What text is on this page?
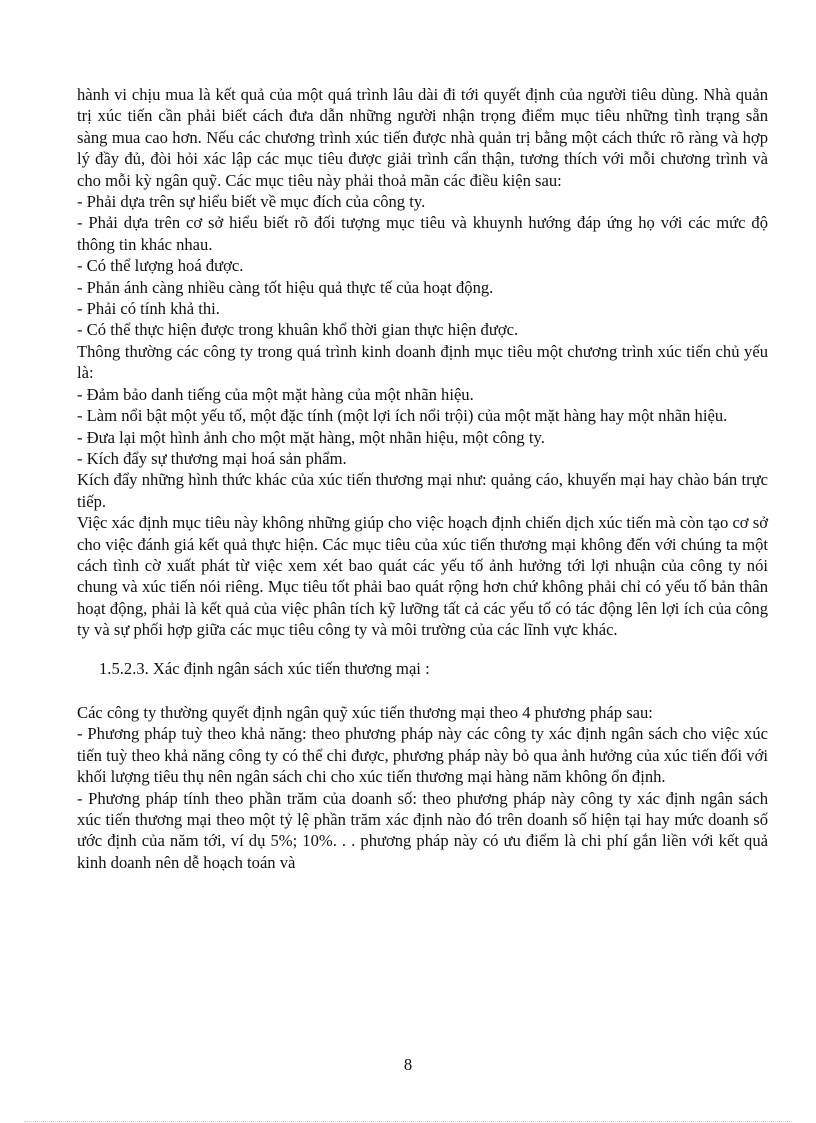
hành vi chịu mua là kết quả của một quá trình lâu dài đi tới quyết định của người tiêu dùng. Nhà quản trị xúc tiến cần phải biết cách đưa dẫn những người nhận trọng điểm mục tiêu những tình trạng sẵn sàng mua cao hơn. Nếu các chương trình xúc tiến được nhà quản trị bằng một cách thức rõ ràng và hợp lý đầy đủ, đòi hỏi xác lập các mục tiêu được giải trình cẩn thận, tương thích với mỗi chương trình và cho mỗi kỳ ngân quỹ. Các mục tiêu này phải thoả mãn các điều kiện sau:

- Phải dựa trên sự hiểu biết về mục đích của công ty.

- Phải dựa trên cơ sở hiểu biết rõ đối tượng mục tiêu và khuynh hướng đáp ứng họ với các mức độ thông tin khác nhau.

- Có thể lượng hoá được.

- Phản ánh càng nhiều càng tốt hiệu quả thực tế của hoạt động.

- Phải có tính khả thi.

- Có thể thực hiện được trong khuân khổ thời gian thực hiện được.

Thông thường các công ty trong quá trình kinh doanh định mục tiêu một chương trình xúc tiến chủ yếu là:

- Đảm bảo danh tiếng của một mặt hàng của một nhãn hiệu.

- Làm nổi bật một yếu tố, một đặc tính (một lợi ích nổi trội) của một mặt hàng hay một nhãn hiệu.

- Đưa lại một hình ảnh cho một mặt hàng, một nhãn hiệu, một công ty.

- Kích đẩy sự thương mại hoá sản phẩm.

Kích đẩy những hình thức khác của xúc tiến thương mại như: quảng cáo, khuyến mại hay chào bán trực tiếp.

Việc xác định mục tiêu này không những giúp cho việc hoạch định chiến dịch xúc tiến mà còn tạo cơ sở cho việc đánh giá kết quả thực hiện. Các mục tiêu của xúc tiến thương mại không đến với chúng ta một cách tình cờ xuất phát từ việc xem xét bao quát các yếu tố ảnh hưởng tới lợi nhuận của công ty nói chung và xúc tiến nói riêng. Mục tiêu tốt phải bao quát rộng hơn chứ không phải chỉ có yếu tố bản thân hoạt động, phải là kết quả của việc phân tích kỹ lưỡng tất cả các yếu tố có tác động lên lợi ích của công ty và sự phối hợp giữa các mục tiêu công ty và môi trường của các lĩnh vực khác.

1.5.2.3. Xác định ngân sách xúc tiến thương mại :

Các công ty thường quyết định ngân quỹ xúc tiến thương mại theo 4 phương pháp sau:

- Phương pháp tuỳ theo khả năng: theo phương pháp này các công ty xác định ngân sách cho việc xúc tiến tuỳ theo khả năng công ty có thể chi được, phương pháp này bỏ qua ảnh hưởng của xúc tiến đối với khối lượng tiêu thụ nên ngân sách chi cho xúc tiến thương mại hàng năm không ổn định.

- Phương pháp tính theo phần trăm của doanh số: theo phương pháp này công ty xác định ngân sách xúc tiến thương mại theo một tỷ lệ phần trăm xác định nào đó trên doanh số hiện tại hay mức doanh số ước định của năm tới, ví dụ 5%; 10%. . . phương pháp này có ưu điểm là chi phí gắn liền với kết quả kinh doanh nên dễ hoạch toán và

8
